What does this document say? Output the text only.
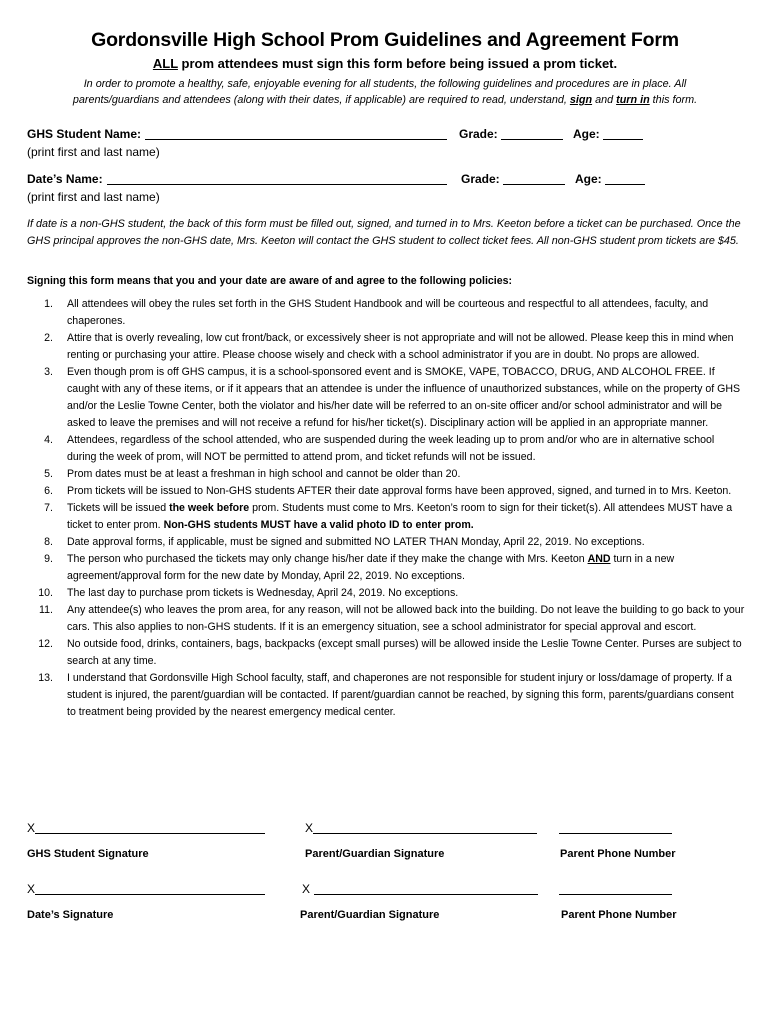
Gordonsville High School Prom Guidelines and Agreement Form
ALL prom attendees must sign this form before being issued a prom ticket.
In order to promote a healthy, safe, enjoyable evening for all students, the following guidelines and procedures are in place. All parents/guardians and attendees (along with their dates, if applicable) are required to read, understand, sign and turn in this form.
GHS Student Name:	Grade:	Age:
(print first and last name)
Date’s Name:	Grade:	Age:
(print first and last name)
If date is a non-GHS student, the back of this form must be filled out, signed, and turned in to Mrs. Keeton before a ticket can be purchased. Once the GHS principal approves the non-GHS date, Mrs. Keeton will contact the GHS student to collect ticket fees. All non-GHS student prom tickets are $45.
Signing this form means that you and your date are aware of and agree to the following policies:
1. All attendees will obey the rules set forth in the GHS Student Handbook and will be courteous and respectful to all attendees, faculty, and chaperones.
2. Attire that is overly revealing, low cut front/back, or excessively sheer is not appropriate and will not be allowed. Please keep this in mind when renting or purchasing your attire. Please choose wisely and check with a school administrator if you are in doubt. No props are allowed.
3. Even though prom is off GHS campus, it is a school-sponsored event and is SMOKE, VAPE, TOBACCO, DRUG, AND ALCOHOL FREE. If caught with any of these items, or if it appears that an attendee is under the influence of unauthorized substances, while on the property of GHS and/or the Leslie Towne Center, both the violator and his/her date will be referred to an on-site officer and/or school administrator and will be asked to leave the premises and will not receive a refund for his/her ticket(s). Disciplinary action will be applied in an appropriate manner.
4. Attendees, regardless of the school attended, who are suspended during the week leading up to prom and/or who are in alternative school during the week of prom, will NOT be permitted to attend prom, and ticket refunds will not be issued.
5. Prom dates must be at least a freshman in high school and cannot be older than 20.
6. Prom tickets will be issued to Non-GHS students AFTER their date approval forms have been approved, signed, and turned in to Mrs. Keeton.
7. Tickets will be issued the week before prom. Students must come to Mrs. Keeton’s room to sign for their ticket(s). All attendees MUST have a ticket to enter prom. Non-GHS students MUST have a valid photo ID to enter prom.
8. Date approval forms, if applicable, must be signed and submitted NO LATER THAN Monday, April 22, 2019. No exceptions.
9. The person who purchased the tickets may only change his/her date if they make the change with Mrs. Keeton AND turn in a new agreement/approval form for the new date by Monday, April 22, 2019. No exceptions.
10. The last day to purchase prom tickets is Wednesday, April 24, 2019. No exceptions.
11. Any attendee(s) who leaves the prom area, for any reason, will not be allowed back into the building. Do not leave the building to go back to your cars. This also applies to non-GHS students. If it is an emergency situation, see a school administrator for special approval and escort.
12. No outside food, drinks, containers, bags, backpacks (except small purses) will be allowed inside the Leslie Towne Center. Purses are subject to search at any time.
13. I understand that Gordonsville High School faculty, staff, and chaperones are not responsible for student injury or loss/damage of property. If a student is injured, the parent/guardian will be contacted. If parent/guardian cannot be reached, by signing this form, parents/guardians consent to treatment being provided by the nearest emergency medical center.
X	X
GHS Student Signature	Parent/Guardian Signature	Parent Phone Number
X	X
Date’s Signature	Parent/Guardian Signature	Parent Phone Number
